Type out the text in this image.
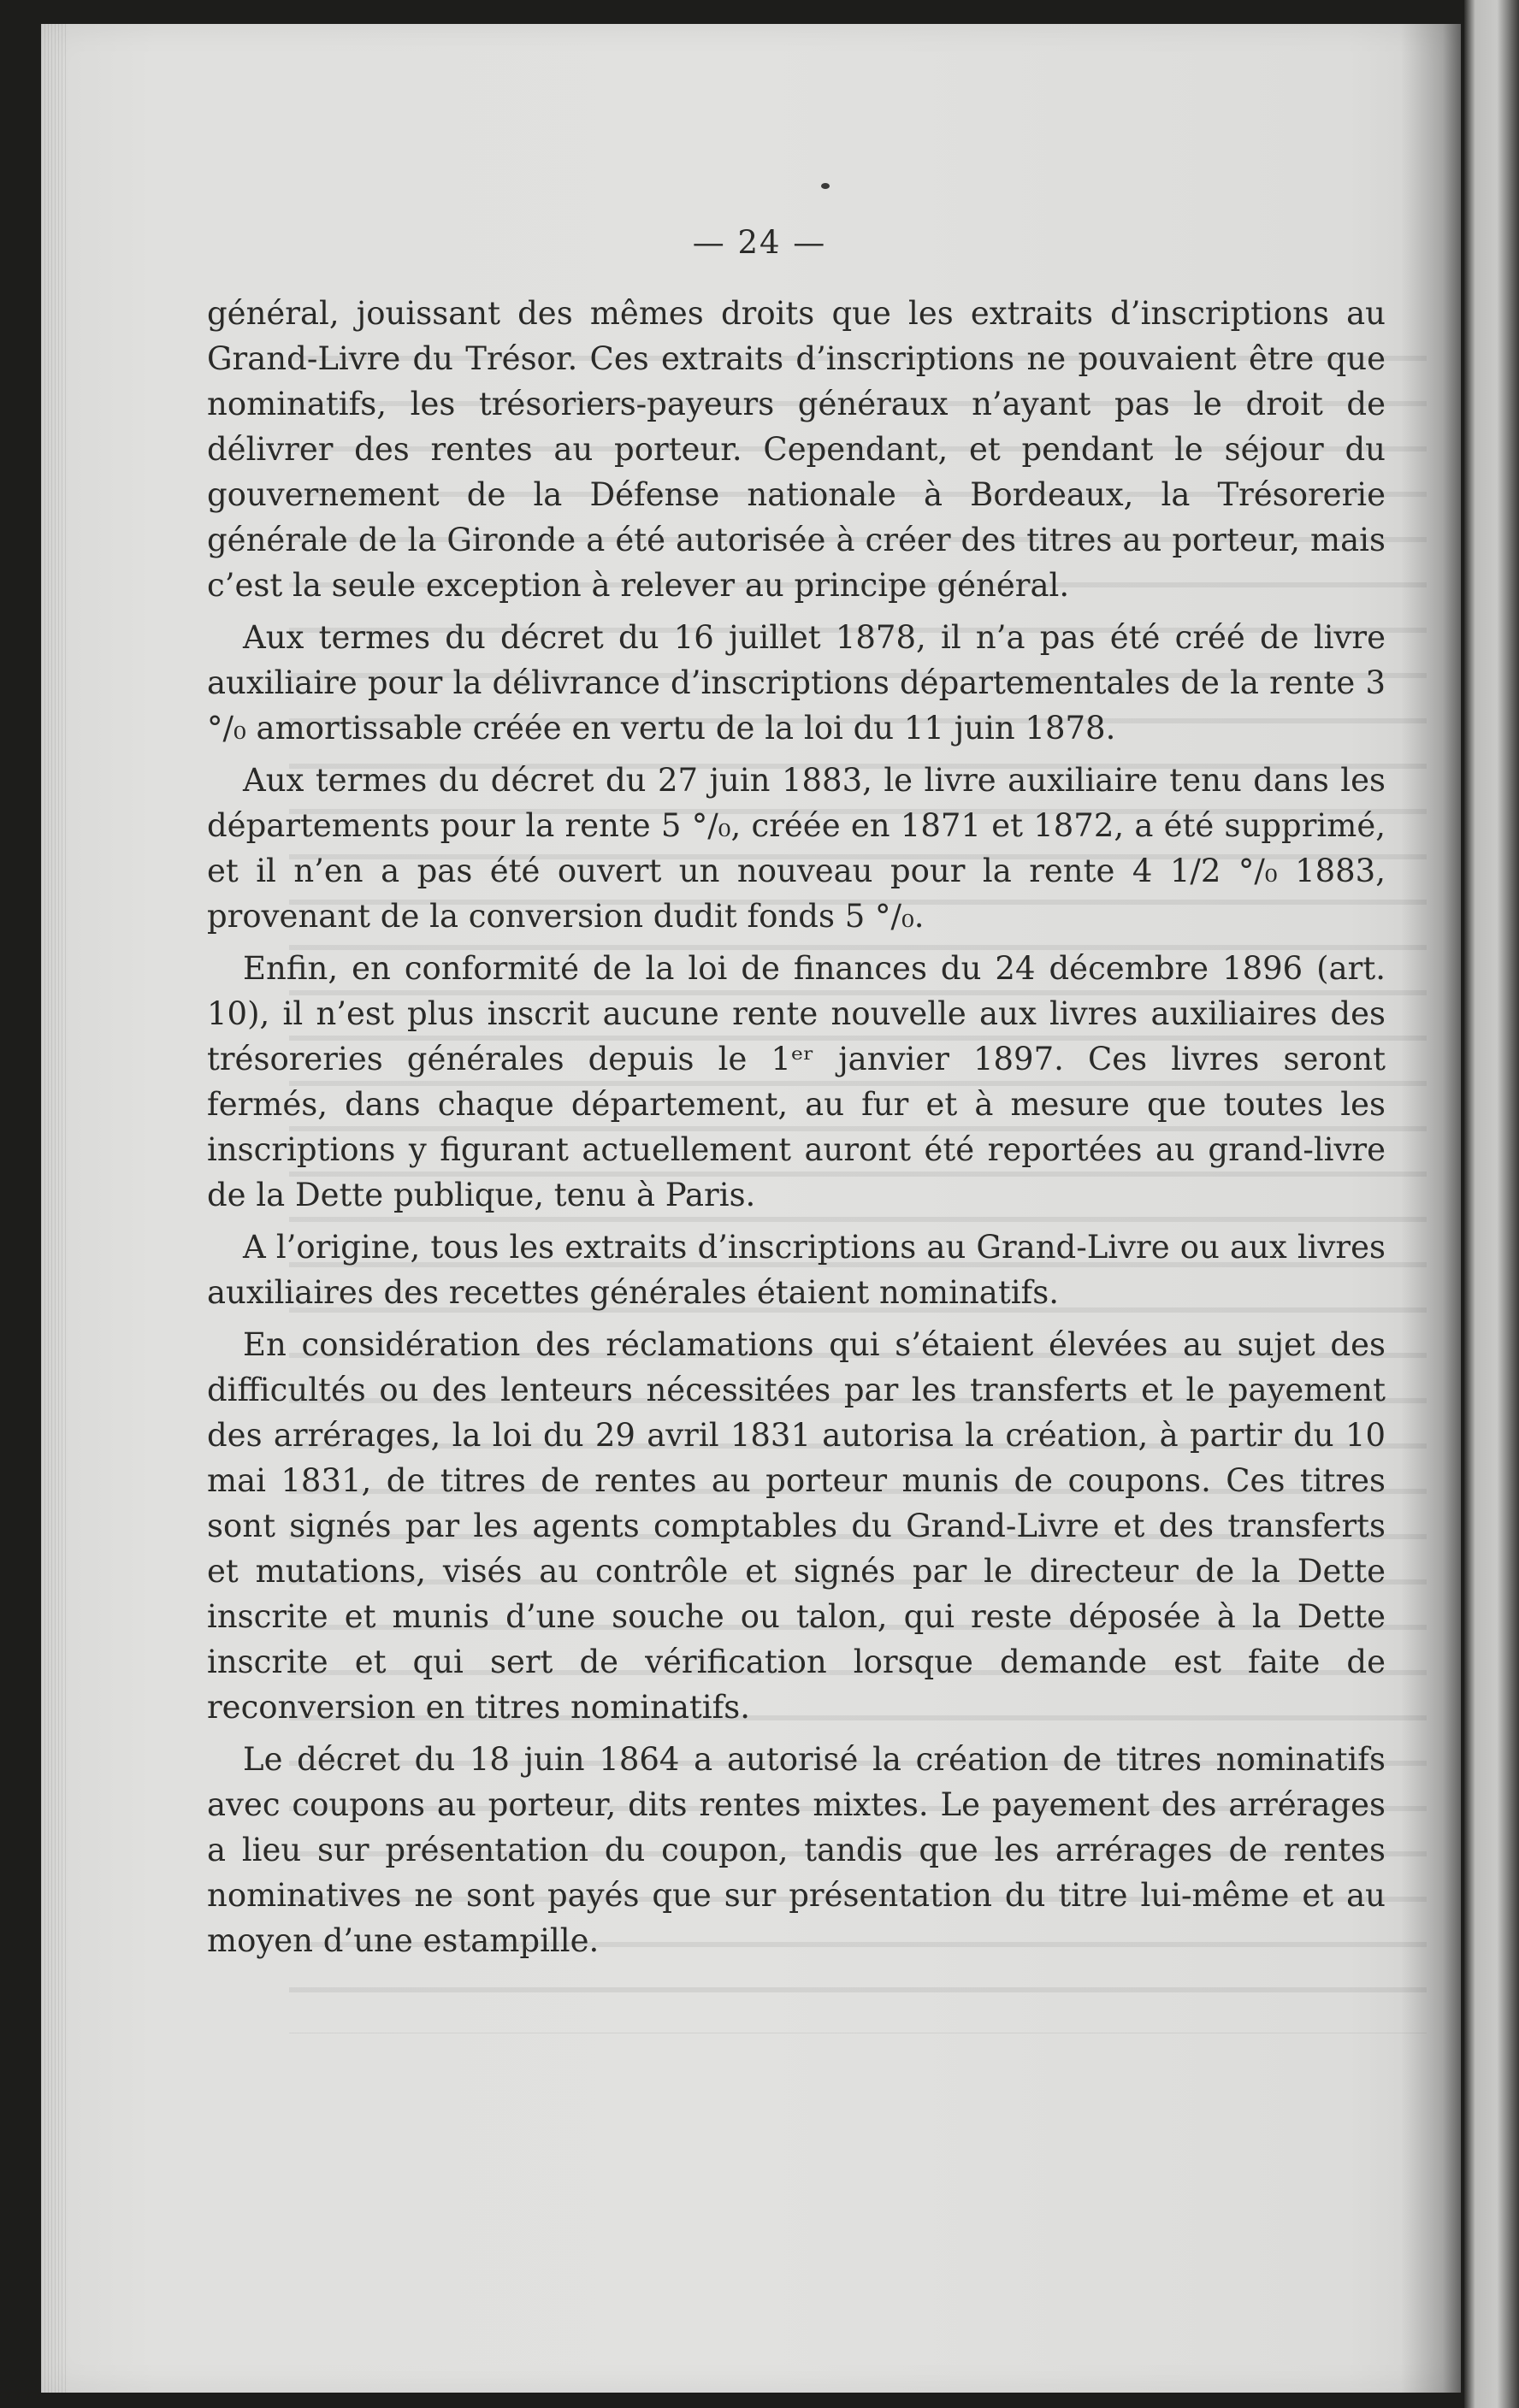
— 24 —

général, jouissant des mêmes droits que les extraits d’inscriptions au Grand-Livre du Trésor. Ces extraits d’inscriptions ne pouvaient être que nominatifs, les trésoriers-payeurs généraux n’ayant pas le droit de délivrer des rentes au porteur. Cependant, et pendant le séjour du gouvernement de la Défense nationale à Bordeaux, la Trésorerie générale de la Gironde a été autorisée à créer des titres au porteur, mais c’est la seule exception à relever au principe général.

Aux termes du décret du 16 juillet 1878, il n’a pas été créé de livre auxiliaire pour la délivrance d’inscriptions départementales de la rente 3 °/₀ amortissable créée en vertu de la loi du 11 juin 1878.

Aux termes du décret du 27 juin 1883, le livre auxiliaire tenu dans les départements pour la rente 5 °/₀, créée en 1871 et 1872, a été supprimé, et il n’en a pas été ouvert un nouveau pour la rente 4 1/2 °/₀ 1883, provenant de la conversion dudit fonds 5 °/₀.

Enfin, en conformité de la loi de finances du 24 décembre 1896 (art. 10), il n’est plus inscrit aucune rente nouvelle aux livres auxiliaires des trésoreries générales depuis le 1ᵉʳ janvier 1897. Ces livres seront fermés, dans chaque département, au fur et à mesure que toutes les inscriptions y figurant actuellement auront été reportées au grand-livre de la Dette publique, tenu à Paris.

A l’origine, tous les extraits d’inscriptions au Grand-Livre ou aux livres auxiliaires des recettes générales étaient nominatifs.

En considération des réclamations qui s’étaient élevées au sujet des difficultés ou des lenteurs nécessitées par les transferts et le payement des arrérages, la loi du 29 avril 1831 autorisa la création, à partir du 10 mai 1831, de titres de rentes au porteur munis de coupons. Ces titres sont signés par les agents comptables du Grand-Livre et des transferts et mutations, visés au contrôle et signés par le directeur de la Dette inscrite et munis d’une souche ou talon, qui reste déposée à la Dette inscrite et qui sert de vérification lorsque demande est faite de reconversion en titres nominatifs.

Le décret du 18 juin 1864 a autorisé la création de titres nominatifs avec coupons au porteur, dits rentes mixtes. Le payement des arrérages a lieu sur présentation du coupon, tandis que les arrérages de rentes nominatives ne sont payés que sur présentation du titre lui-même et au moyen d’une estampille.
